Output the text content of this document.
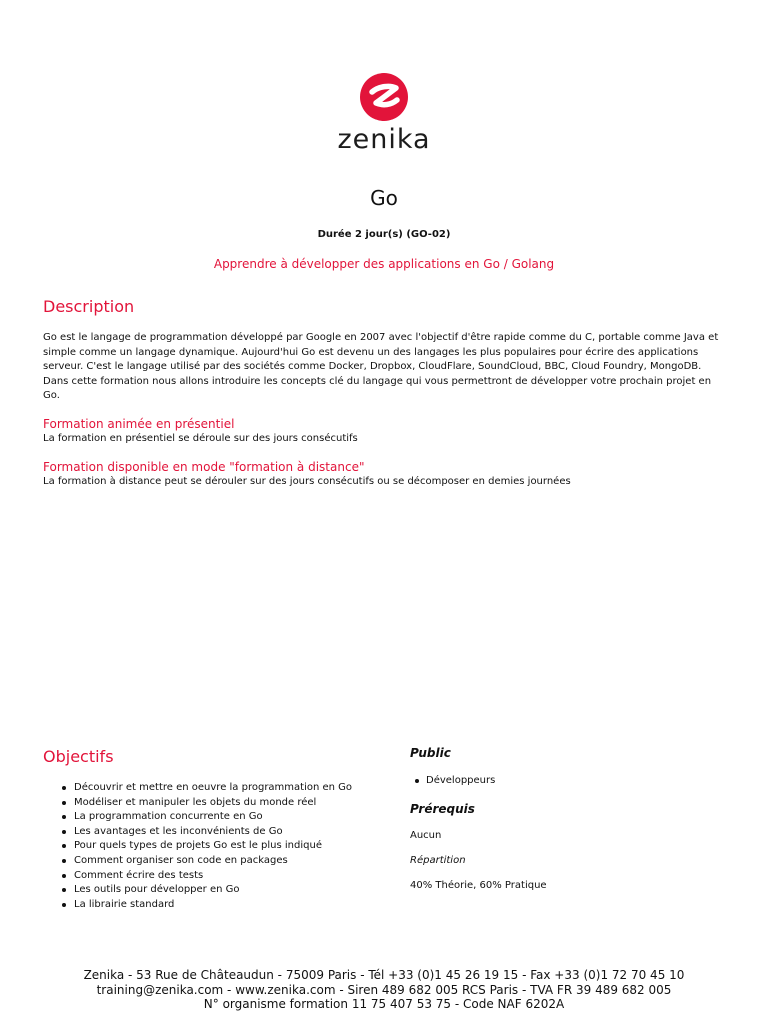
zenika
Go
Durée 2 jour(s) (GO-02)
Apprendre à développer des applications en Go / Golang
Description
Go est le langage de programmation développé par Google en 2007 avec l'objectif d'être rapide comme du C, portable comme Java et simple comme un langage dynamique. Aujourd'hui Go est devenu un des langages les plus populaires pour écrire des applications serveur. C'est le langage utilisé par des sociétés comme Docker, Dropbox, CloudFlare, SoundCloud, BBC, Cloud Foundry, MongoDB. Dans cette formation nous allons introduire les concepts clé du langage qui vous permettront de développer votre prochain projet en Go.
Formation animée en présentiel
La formation en présentiel se déroule sur des jours consécutifs
Formation disponible en mode "formation à distance"
La formation à distance peut se dérouler sur des jours consécutifs ou se décomposer en demies journées
Objectifs
Découvrir et mettre en oeuvre la programmation en Go
Modéliser et manipuler les objets du monde réel
La programmation concurrente en Go
Les avantages et les inconvénients de Go
Pour quels types de projets Go est le plus indiqué
Comment organiser son code en packages
Comment écrire des tests
Les outils pour développer en Go
La librairie standard
Public
Développeurs
Prérequis
Aucun
Répartition
40% Théorie, 60% Pratique
Zenika - 53 Rue de Châteaudun - 75009 Paris - Tél +33 (0)1 45 26 19 15 - Fax +33 (0)1 72 70 45 10
training@zenika.com - www.zenika.com - Siren 489 682 005 RCS Paris - TVA FR 39 489 682 005
N° organisme formation 11 75 407 53 75 - Code NAF 6202A
